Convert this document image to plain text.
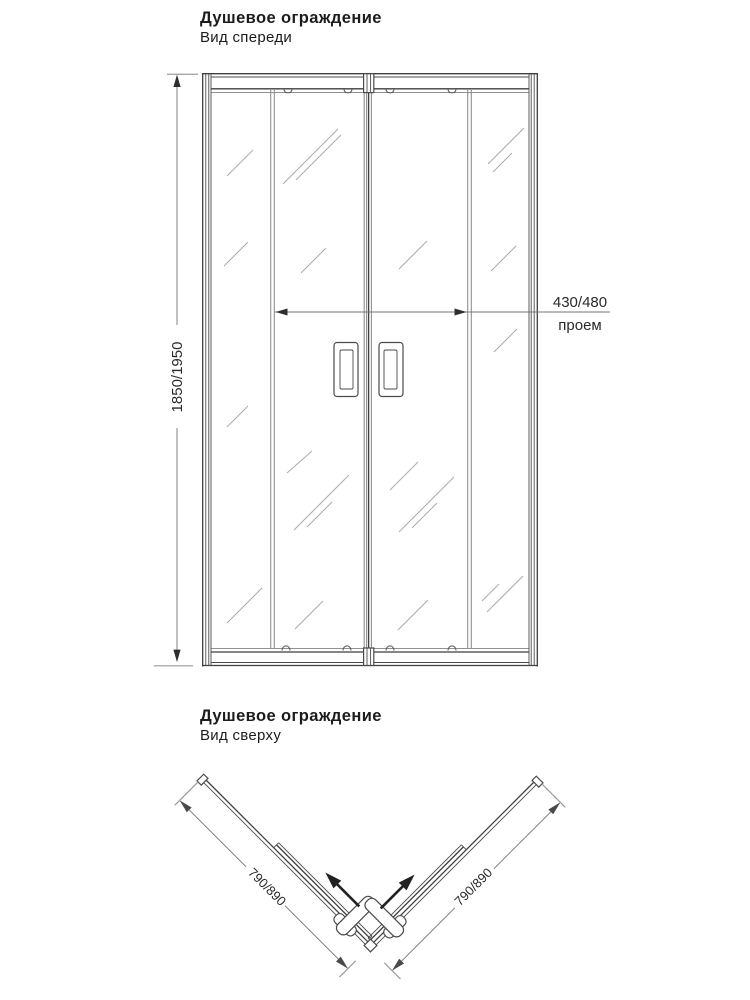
Душевое ограждение
Вид спереди
Душевое ограждение
Вид сверху
1850/1950
430/480
проем
790/890	790/890
